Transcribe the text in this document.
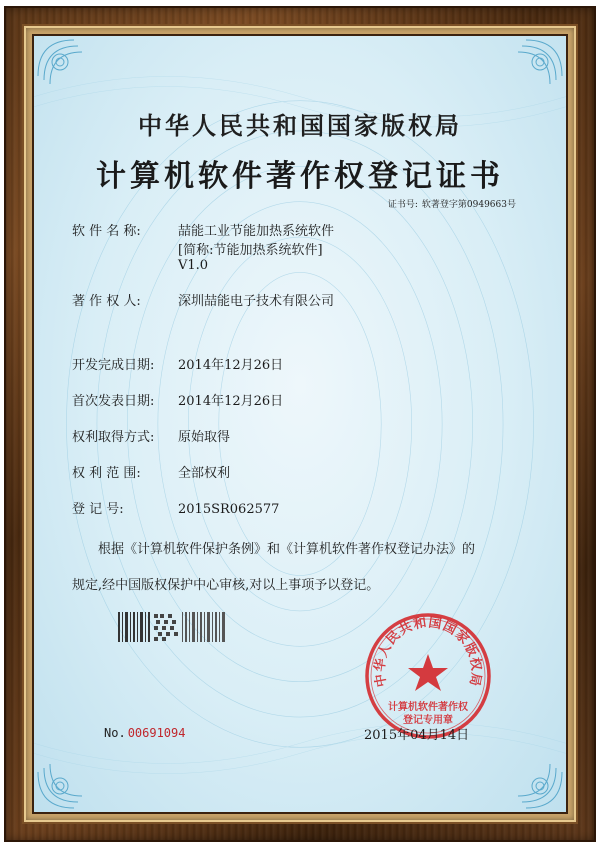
中华人民共和国国家版权局
计算机软件著作权登记证书
证书号: 软著登字第0949663号
软 件 名 称:	喆能工业节能加热系统软件
[简称:节能加热系统软件]
V1.0
著 作 权 人:	深圳喆能电子技术有限公司
开发完成日期: 2014年12月26日
首次发表日期: 2014年12月26日
权利取得方式: 原始取得
权 利 范 围:	全部权利
登 记 号:	2015SR062577
根据《计算机软件保护条例》和《计算机软件著作权登记办法》的
规定,经中国版权保护中心审核,对以上事项予以登记。
No. 00691094
中华人民共和国国家版权局
计算机软件著作权
登记专用章
2015年04月14日
